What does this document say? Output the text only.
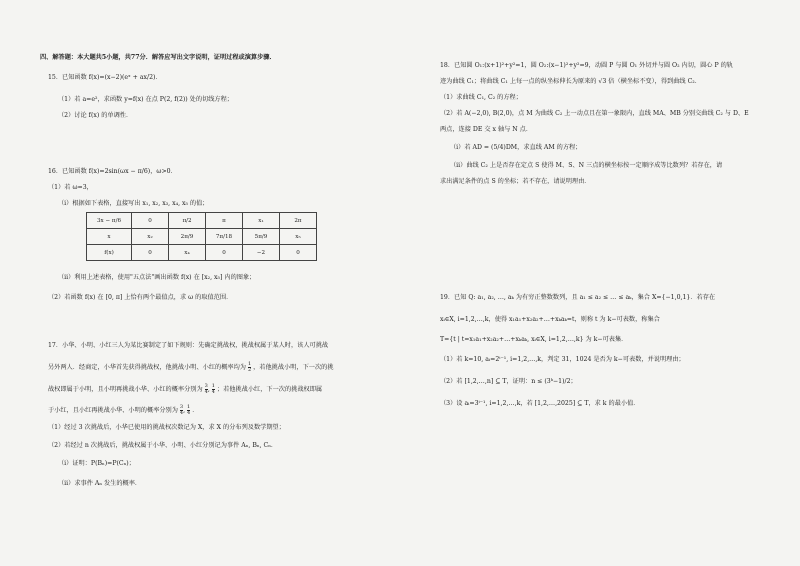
四、解答题：本大题共5小题，共77分．解答应写出文字说明，证明过程或演算步骤．
15．已知函数 f(x)=(x−2)(eˣ + ax/2)．
（1）若 a=e²，求函数 y=f(x) 在点 P(2, f(2)) 处的切线方程；
（2）讨论 f(x) 的单调性．
16．已知函数 f(x)=2sin(ωx − π/6)，ω>0．
（1）若 ω=3，
（i）根据如下表格，直接写出 x₁, x₂, x₃, x₄, x₅ 的值；
3x − π/6	0	π/2	π	x₁	2π
x	x₂	2π/9	7π/18	5π/9	x₅
f(x)	0	x₄	0	−2	0
（ii）利用上述表格，使用"五点法"画出函数 f(x) 在 [x₂, x₅] 内的图象；
（2）若函数 f(x) 在 [0, π] 上恰有两个最值点，求 ω 的取值范围．
17．小华、小明、小红三人为某比赛制定了如下规则：先确定挑战权，挑战权属于某人时，该人可挑战
另外两人．经商定，小华首先获得挑战权，他挑战小明、小红的概率均为 $\frac{1}{2}$ ，若他挑战小明，下一次的挑
战权即属于小明，且小明再挑战小华、小红的概率分别为 $\frac{3}{4}$ , $\frac{1}{4}$ ；若他挑战小红，下一次的挑战权即属
于小红，且小红再挑战小华、小明的概率分别为 $\frac{3}{4}$ , $\frac{1}{4}$ ．
（1）经过 3 次挑战后，小华已使用的挑战权次数记为 X，求 X 的分布列及数学期望；
（2）若经过 n 次挑战后，挑战权属于小华、小明、小红分别记为事件 Aₙ, Bₙ, Cₙ．
（i）证明：P(Bₙ)=P(Cₙ)；
（ii）求事件 Aₙ 发生的概率．
18．已知圆 O₁:(x+1)²+y²=1，圆 O₂:(x−1)²+y²=9，动圆 P 与圆 O₁ 外切并与圆 O₂ 内切，圆心 P 的轨
迹为曲线 C₁；将曲线 C₁ 上每一点的纵坐标伸长为原来的 √3 倍（横坐标不变），得到曲线 C₂．
（1）求曲线 C₁, C₂ 的方程；
（2）若 A(−2,0), B(2,0)，点 M 为曲线 C₂ 上一动点且在第一象限内，直线 MA、MB 分别交曲线 C₂ 与 D、E
两点，连接 DE 交 x 轴与 N 点．
（i）若 AD = (5/4)DM，求直线 AM 的方程；
（ii）曲线 C₂ 上是否存在定点 S 使得 M、S、N 三点的横坐标按一定顺序成等比数列？若存在，请
求出满足条件的点 S 的坐标；若不存在，请说明理由．
19．已知 Q: a₁, a₂, …, aₖ 为有穷正整数数列，且 a₁ ≤ a₂ ≤ … ≤ aₖ，集合 X={−1,0,1}．若存在
xᵢ∈X, i=1,2,…,k，使得 x₁a₁+x₂a₂+…+xₖaₖ=t，则称 t 为 k−可表数，称集合
T={t | t=x₁a₁+x₂a₂+…+xₖaₖ, xᵢ∈X, i=1,2,…,k} 为 k−可表集．
（1）若 k=10, aᵢ=2ⁱ⁻¹, i=1,2,…,k，判定 31，1024 是否为 k−可表数，并说明理由；
（2）若 [1,2,…,n] ⊆ T，证明：n ≤ (3ᵏ−1)/2；
（3）设 aᵢ=3ⁱ⁻¹, i=1,2,…,k，若 [1,2,…,2025] ⊆ T，求 k 的最小值．
